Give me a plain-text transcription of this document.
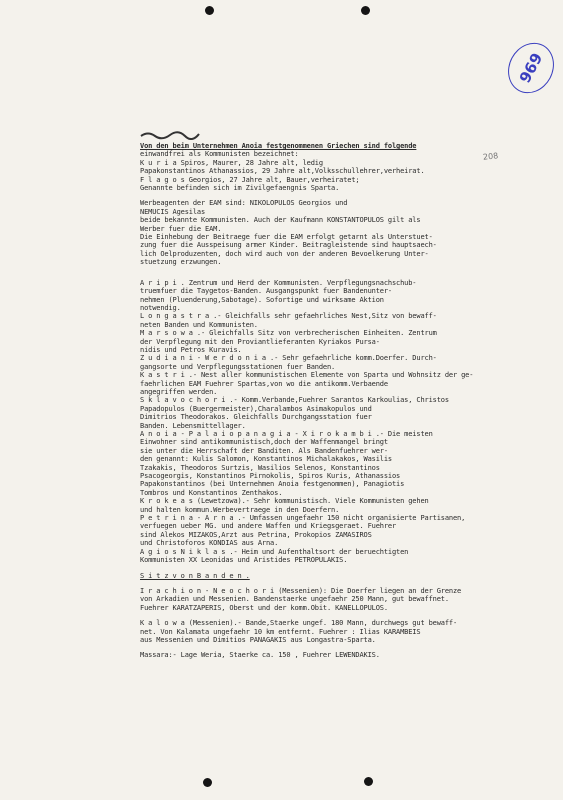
969
208
Von den beim Unternehmen Anoia festgenommenen Griechen sind folgende
einwandfrei als Kommunisten bezeichnet:
K u r i a Spiros, Maurer, 28 Jahre alt, ledig
Papakonstantinos Athanassios, 29 Jahre alt,Volksschullehrer,verheirat.
F l a g o s Georgios, 27 Jahre alt, Bauer,verheiratet;
Genannte befinden sich im Zivilgefaengnis Sparta.
Werbeagenten der EAM sind: NIKOLOPULOS Georgios und
NEMUCIS Agesilas
beide bekannte Kommunisten. Auch der Kaufmann KONSTANTOPULOS gilt als
Werber fuer die EAM.
Die Einhebung der Beitraege fuer die EAM erfolgt getarnt als Unterstuet-
zung fuer die Ausspeisung armer Kinder. Beitragleistende sind hauptsaech-
lich Oelproduzenten, doch wird auch von der anderen Bevoelkerung Unter-
stuetzung erzwungen.
A r i p i . Zentrum und Herd der Kommunisten. Verpflegungsnachschub-
truemfuer die Taygetos-Banden. Ausgangspunkt fuer Bandenunter-
nehmen (Pluenderung,Sabotage). Sofortige und wirksame Aktion
notwendig.
L o n g a s t r a .- Gleichfalls sehr gefaehrliches Nest,Sitz von bewaff-
neten Banden und Kommunisten.
M a r s o w a .- Gleichfalls Sitz von verbrecherischen Einheiten. Zentrum
der Verpflegung mit den Proviantlieferanten Kyriakos Pursa-
nidis und Petros Kuravis.
Z u d i a n i - W e r d o n i a .- Sehr gefaehrliche komm.Doerfer. Durch-
gangsorte und Verpflegungsstationen fuer Banden.
K a s t r i .- Nest aller kommunistischen Elemente von Sparta und Wohnsitz der ge-
faehrlichen EAM Fuehrer Spartas,von wo die antikomm.Verbaende
angegriffen werden.
S k l a v o c h o r i .- Komm.Verbande,Fuehrer Sarantos Karkoulias, Christos
Papadopulos (Buergermeister),Charalambos Asimakopulos und
Dimitrios Theodorakos. Gleichfalls Durchgangsstation fuer
Banden. Lebensmittellager.
A n o i a - P a l a i o p a n a g i a - X i r o k a m b i .- Die meisten
Einwohner sind antikommunistisch,doch der Waffenmangel bringt
sie unter die Herrschaft der Banditen. Als Bandenfuehrer wer-
den genannt: Kulis Salomon, Konstantinos Michalakakos, Wasilis
Tzakakis, Theodoros Surtzis, Wasilios Selenos, Konstantinos
Psacogeorgis, Konstantinos Pirnokolis, Spiros Kuris, Athanassios
Papakonstantinos (bei Unternehmen Anoia festgenommen), Panagiotis
Tombros und Konstantinos Zenthakos.
K r o k e a s (Lewetzowa).- Sehr kommunistisch. Viele Kommunisten gehen
und halten kommun.Werbevertraege in den Doerfern.
P e t r i n a - A r n a .- Umfassen ungefaehr 150 nicht organisierte Partisanen,
verfuegen ueber MG. und andere Waffen und Kriegsgeraet. Fuehrer
sind Alekos MIZAKOS,Arzt aus Petrina, Prokopios ZAMASIROS
und Christoforos KONDIAS aus Arna.
A g i o s N i k l a s .- Heim und Aufenthaltsort der beruechtigten
Kommunisten XX Leonidas und Aristides PETROPULAKIS.
S i t z v o n B a n d e n .
I r a c h i o n - N e o c h o r i (Messenien): Die Doerfer liegen an der Grenze
von Arkadien und Messenien. Bandenstaerke ungefaehr 250 Mann, gut bewaffnet.
Fuehrer KARATZAPERIS, Oberst und der komm.Obit. KANELLOPULOS.
K a l o w a (Messenien).- Bande,Staerke ungef. 180 Mann, durchwegs gut bewaff-
net. Von Kalamata ungefaehr 10 km entfernt. Fuehrer : Ilias KARAMBEIS
aus Messenien und Dimitios PANAGAKIS aus Longastra-Sparta.
Massara:- Lage Weria, Staerke ca. 150 , Fuehrer LEWENDAKIS.
